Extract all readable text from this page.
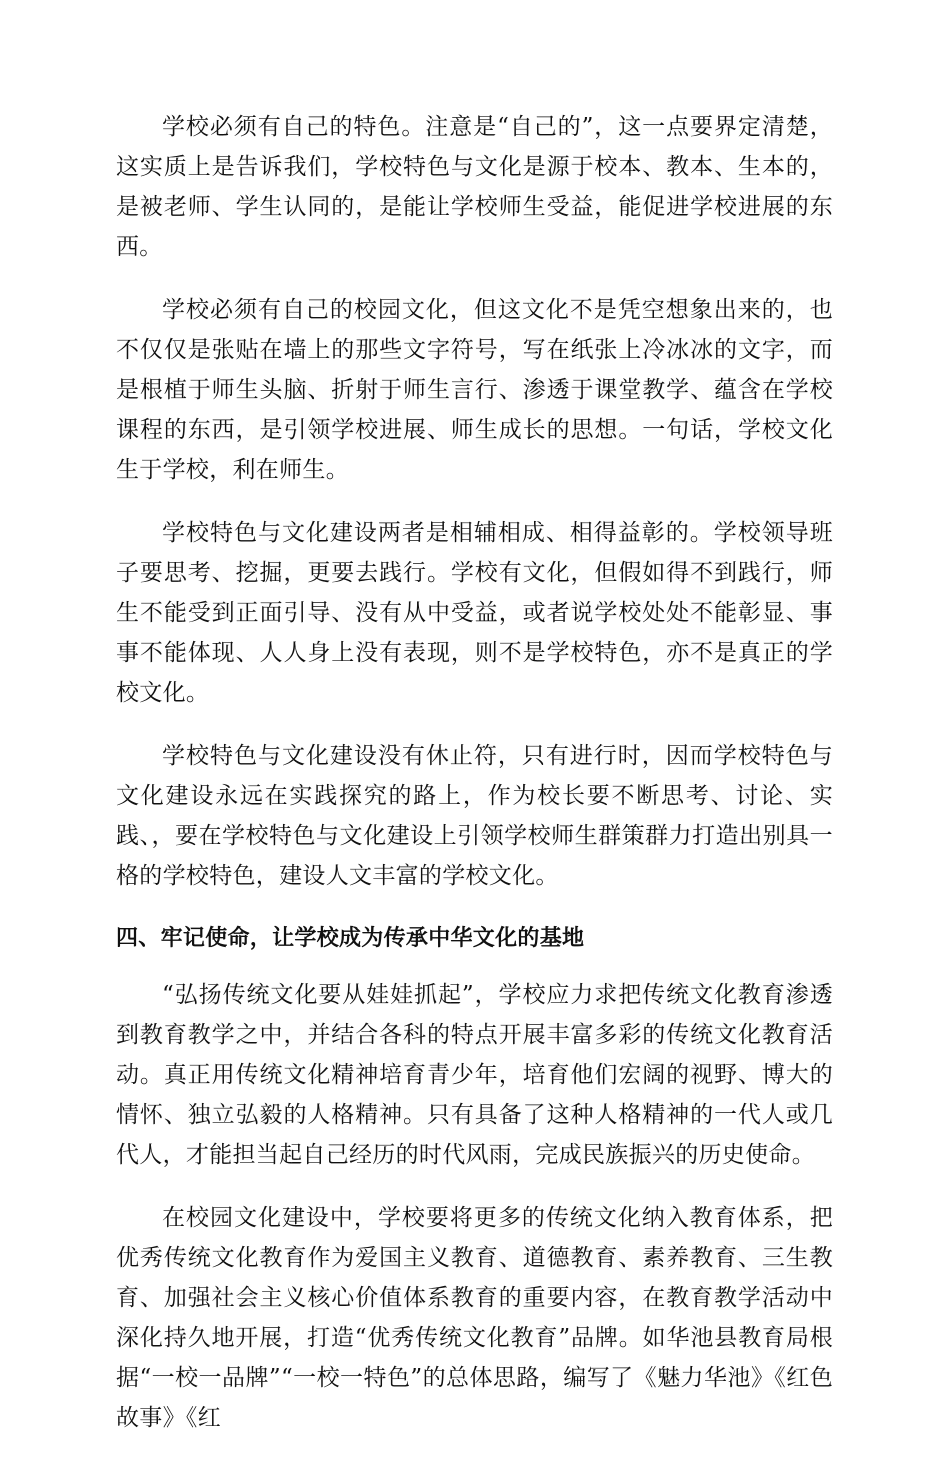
学校必须有自己的特色。注意是“自己的”，这一点要界定清楚，这实质上是告诉我们，学校特色与文化是源于校本、教本、生本的，是被老师、学生认同的，是能让学校师生受益，能促进学校进展的东西。

学校必须有自己的校园文化，但这文化不是凭空想象出来的，也不仅仅是张贴在墙上的那些文字符号，写在纸张上冷冰冰的文字，而是根植于师生头脑、折射于师生言行、渗透于课堂教学、蕴含在学校课程的东西，是引领学校进展、师生成长的思想。一句话，学校文化生于学校，利在师生。

学校特色与文化建设两者是相辅相成、相得益彰的。学校领导班子要思考、挖掘，更要去践行。学校有文化，但假如得不到践行，师生不能受到正面引导、没有从中受益，或者说学校处处不能彰显、事事不能体现、人人身上没有表现，则不是学校特色，亦不是真正的学校文化。

学校特色与文化建设没有休止符，只有进行时，因而学校特色与文化建设永远在实践探究的路上，作为校长要不断思考、讨论、实践、，要在学校特色与文化建设上引领学校师生群策群力打造出别具一格的学校特色，建设人文丰富的学校文化。

四、牢记使命，让学校成为传承中华文化的基地

“弘扬传统文化要从娃娃抓起”，学校应力求把传统文化教育渗透到教育教学之中，并结合各科的特点开展丰富多彩的传统文化教育活动。真正用传统文化精神培育青少年，培育他们宏阔的视野、博大的情怀、独立弘毅的人格精神。只有具备了这种人格精神的一代人或几代人，才能担当起自己经历的时代风雨，完成民族振兴的历史使命。

在校园文化建设中，学校要将更多的传统文化纳入教育体系，把优秀传统文化教育作为爱国主义教育、道德教育、素养教育、三生教育、加强社会主义核心价值体系教育的重要内容，在教育教学活动中深化持久地开展，打造“优秀传统文化教育”品牌。如华池县教育局根据“一校一品牌”“一校一特色”的总体思路，编写了《魅力华池》《红色故事》《红
